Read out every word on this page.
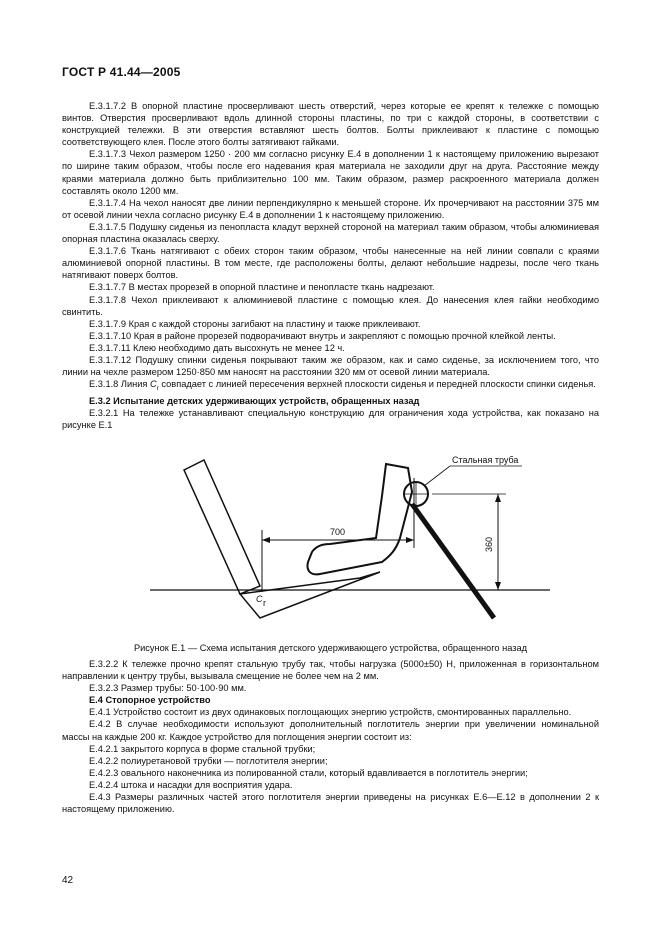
ГОСТ Р 41.44—2005

Е.3.1.7.2 В опорной пластине просверливают шесть отверстий, через которые ее крепят к тележке с помощью винтов. Отверстия просверливают вдоль длинной стороны пластины, по три с каждой стороны, в соответствии с конструкцией тележки. В эти отверстия вставляют шесть болтов. Болты приклеивают к пластине с помощью соответствующего клея. После этого болты затягивают гайками.

Е.3.1.7.3 Чехол размером 1250 · 200 мм согласно рисунку Е.4 в дополнении 1 к настоящему приложению вырезают по ширине таким образом, чтобы после его надевания края материала не заходили друг на друга. Расстояние между краями материала должно быть приблизительно 100 мм. Таким образом, размер раскроенного материала должен составлять около 1200 мм.

Е.3.1.7.4 На чехол наносят две линии перпендикулярно к меньшей стороне. Их прочерчивают на расстоянии 375 мм от осевой линии чехла согласно рисунку Е.4 в дополнении 1 к настоящему приложению.

Е.3.1.7.5 Подушку сиденья из пенопласта кладут верхней стороной на материал таким образом, чтобы алюминиевая опорная пластина оказалась сверху.

Е.3.1.7.6 Ткань натягивают с обеих сторон таким образом, чтобы нанесенные на ней линии совпали с краями алюминиевой опорной пластины. В том месте, где расположены болты, делают небольшие надрезы, после чего ткань натягивают поверх болтов.

Е.3.1.7.7 В местах прорезей в опорной пластине и пенопласте ткань надрезают.

Е.3.1.7.8 Чехол приклеивают к алюминиевой пластине с помощью клея. До нанесения клея гайки необходимо свинтить.

Е.3.1.7.9 Края с каждой стороны загибают на пластину и также приклеивают.

Е.3.1.7.10 Края в районе прорезей подворачивают внутрь и закрепляют с помощью прочной клейкой ленты.

Е.3.1.7.11 Клею необходимо дать высохнуть не менее 12 ч.

Е.3.1.7.12 Подушку спинки сиденья покрывают таким же образом, как и само сиденье, за исключением того, что линии на чехле размером 1250·850 мм наносят на расстоянии 320 мм от осевой линии материала.

Е.3.1.8 Линия $C_r$ совпадает с линией пересечения верхней плоскости сиденья и передней плоскости спинки сиденья.

Е.3.2 Испытание детских удерживающих устройств, обращенных назад

Е.3.2.1 На тележке устанавливают специальную конструкцию для ограничения хода устройства, как показано на рисунке Е.1

700
Стальная труба
360
C r
Рисунок Е.1 — Схема испытания детского удерживающего устройства, обращенного назад

Е.3.2.2 К тележке прочно крепят стальную трубу так, чтобы нагрузка (5000±50) Н, приложенная в горизонтальном направлении к центру трубы, вызывала смещение не более чем на 2 мм.

Е.3.2.3 Размер трубы: 50·100·90 мм.

Е.4 Стопорное устройство

Е.4.1 Устройство состоит из двух одинаковых поглощающих энергию устройств, смонтированных параллельно.

Е.4.2 В случае необходимости используют дополнительный поглотитель энергии при увеличении номинальной массы на каждые 200 кг. Каждое устройство для поглощения энергии состоит из:

Е.4.2.1 закрытого корпуса в форме стальной трубки;

Е.4.2.2 полиуретановой трубки — поглотителя энергии;

Е.4.2.3 овального наконечника из полированной стали, который вдавливается в поглотитель энергии;

Е.4.2.4 штока и насадки для восприятия удара.

Е.4.3 Размеры различных частей этого поглотителя энергии приведены на рисунках Е.6—Е.12 в дополнении 2 к настоящему приложению.

42
